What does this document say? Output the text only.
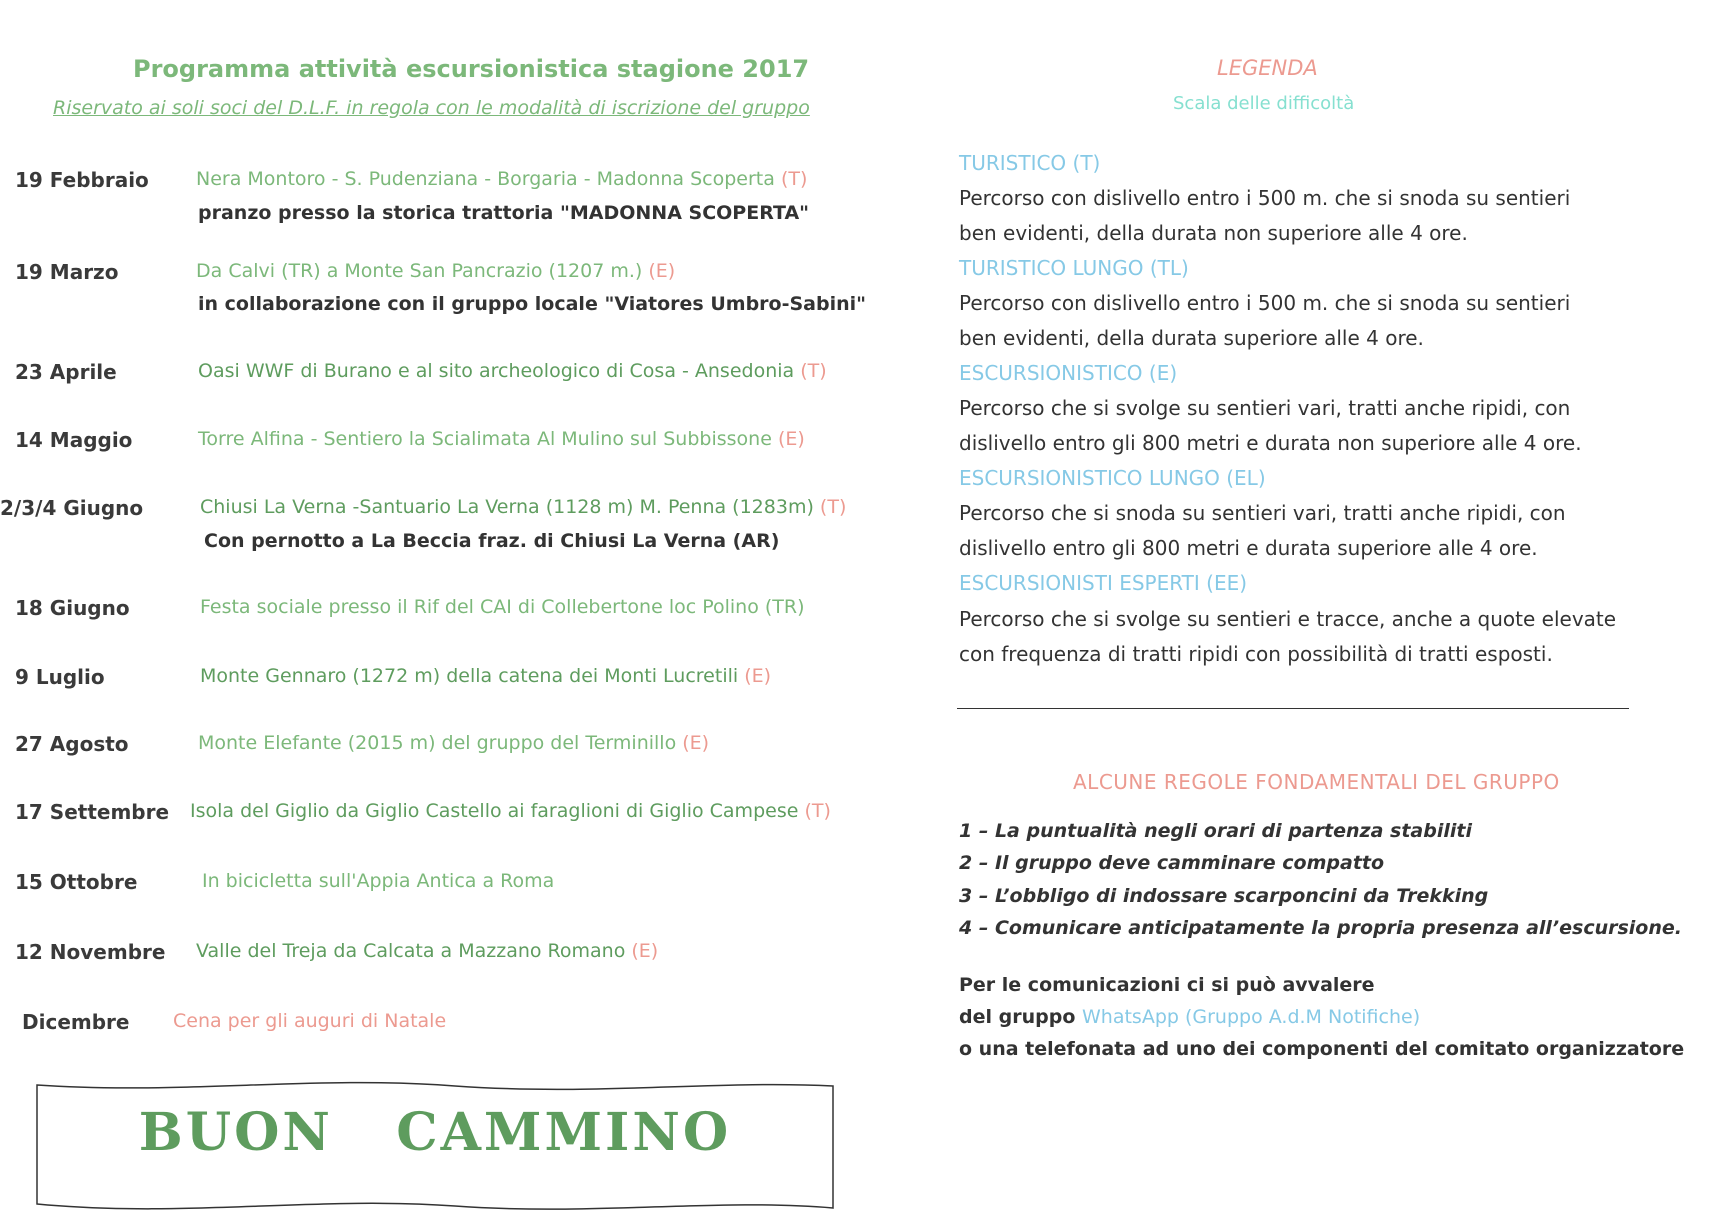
Programma attività escursionistica stagione 2017
Riservato ai soli soci del D.L.F. in regola con le modalità di iscrizione del gruppo
19 Febbraio Nera Montoro - S. Pudenziana - Borgaria - Madonna Scoperta (T)
pranzo presso la storica trattoria "MADONNA SCOPERTA"
19 Marzo	Da Calvi (TR) a Monte San Pancrazio (1207 m.) (E)
in collaborazione con il gruppo locale "Viatores Umbro-Sabini"
23 Aprile	Oasi WWF di Burano e al sito archeologico di Cosa - Ansedonia (T)
14 Maggio	Torre Alfina - Sentiero la Scialimata Al Mulino sul Subbissone (E)
2/3/4 Giugno	Chiusi La Verna -Santuario La Verna (1128 m) M. Penna (1283m) (T)
Con pernotto a La Beccia fraz. di Chiusi La Verna (AR)
18 Giugno	Festa sociale presso il Rif del CAI di Collebertone loc Polino (TR)
9 Luglio	Monte Gennaro (1272 m) della catena dei Monti Lucretili (E)
27 Agosto	Monte Elefante (2015 m) del gruppo del Terminillo (E)
17 Settembre Isola del Giglio da Giglio Castello ai faraglioni di Giglio Campese (T)
15 Ottobre	In bicicletta sull'Appia Antica a Roma
12 Novembre Valle del Treja da Calcata a Mazzano Romano (E)
Dicembre Cena per gli auguri di Natale
BUON   CAMMINO
LEGENDA
Scala delle difficoltà
TURISTICO (T)
Percorso con dislivello entro i 500 m. che si snoda su sentieri
ben evidenti, della durata non superiore alle 4 ore.
TURISTICO LUNGO (TL)
Percorso con dislivello entro i 500 m. che si snoda su sentieri
ben evidenti, della durata superiore alle 4 ore.
ESCURSIONISTICO (E)
Percorso che si svolge su sentieri vari, tratti anche ripidi, con
dislivello entro gli 800 metri e durata non superiore alle 4 ore.
ESCURSIONISTICO LUNGO (EL)
Percorso che si snoda su sentieri vari, tratti anche ripidi, con
dislivello entro gli 800 metri e durata superiore alle 4 ore.
ESCURSIONISTI ESPERTI (EE)
Percorso che si svolge su sentieri e tracce, anche a quote elevate
con frequenza di tratti ripidi con possibilità di tratti esposti.
ALCUNE REGOLE FONDAMENTALI DEL GRUPPO
1 – La puntualità negli orari di partenza stabiliti
2 – Il gruppo deve camminare compatto
3 – L’obbligo di indossare scarponcini da Trekking
4 – Comunicare anticipatamente la propria presenza all’escursione.
Per le comunicazioni ci si può avvalere
del gruppo WhatsApp (Gruppo A.d.M Notifiche)
o una telefonata ad uno dei componenti del comitato organizzatore
